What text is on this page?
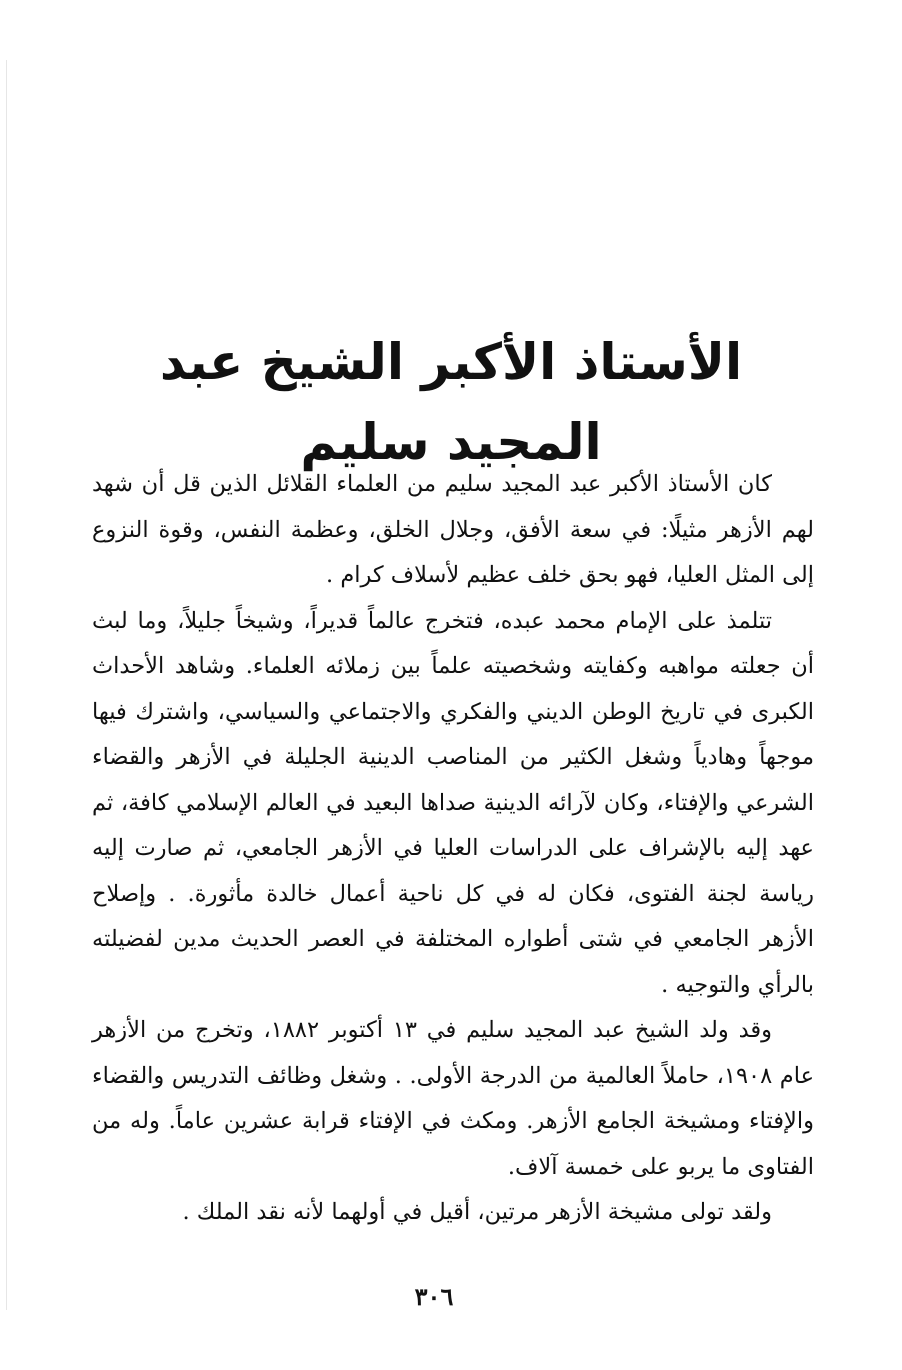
الأستاذ الأكبر الشيخ عبد المجيد سليم

كان الأستاذ الأكبر عبد المجيد سليم من العلماء القلائل الذين قل أن شهد لهم الأزهر مثيلًا: في سعة الأفق، وجلال الخلق، وعظمة النفس، وقوة النزوع إلى المثل العليا، فهو بحق خلف عظيم لأسلاف كرام .

تتلمذ على الإمام محمد عبده، فتخرج عالماً قديراً، وشيخاً جليلاً، وما لبث أن جعلته مواهبه وكفايته وشخصيته علماً بين زملائه العلماء. وشاهد الأحداث الكبرى في تاريخ الوطن الديني والفكري والاجتماعي والسياسي، واشترك فيها موجهاً وهادياً وشغل الكثير من المناصب الدينية الجليلة في الأزهر والقضاء الشرعي والإفتاء، وكان لآرائه الدينية صداها البعيد في العالم الإسلامي كافة، ثم عهد إليه بالإشراف على الدراسات العليا في الأزهر الجامعي، ثم صارت إليه رياسة لجنة الفتوى، فكان له في كل ناحية أعمال خالدة مأثورة. . وإصلاح الأزهر الجامعي في شتى أطواره المختلفة في العصر الحديث مدين لفضيلته بالرأي والتوجيه .

وقد ولد الشيخ عبد المجيد سليم في ١٣ أكتوبر ١٨٨٢، وتخرج من الأزهر عام ١٩٠٨، حاملاً العالمية من الدرجة الأولى. . وشغل وظائف التدريس والقضاء والإفتاء ومشيخة الجامع الأزهر. ومكث في الإفتاء قرابة عشرين عاماً. وله من الفتاوى ما يربو على خمسة آلاف.

ولقد تولى مشيخة الأزهر مرتين، أقيل في أولهما لأنه نقد الملك .

٣٠٦
